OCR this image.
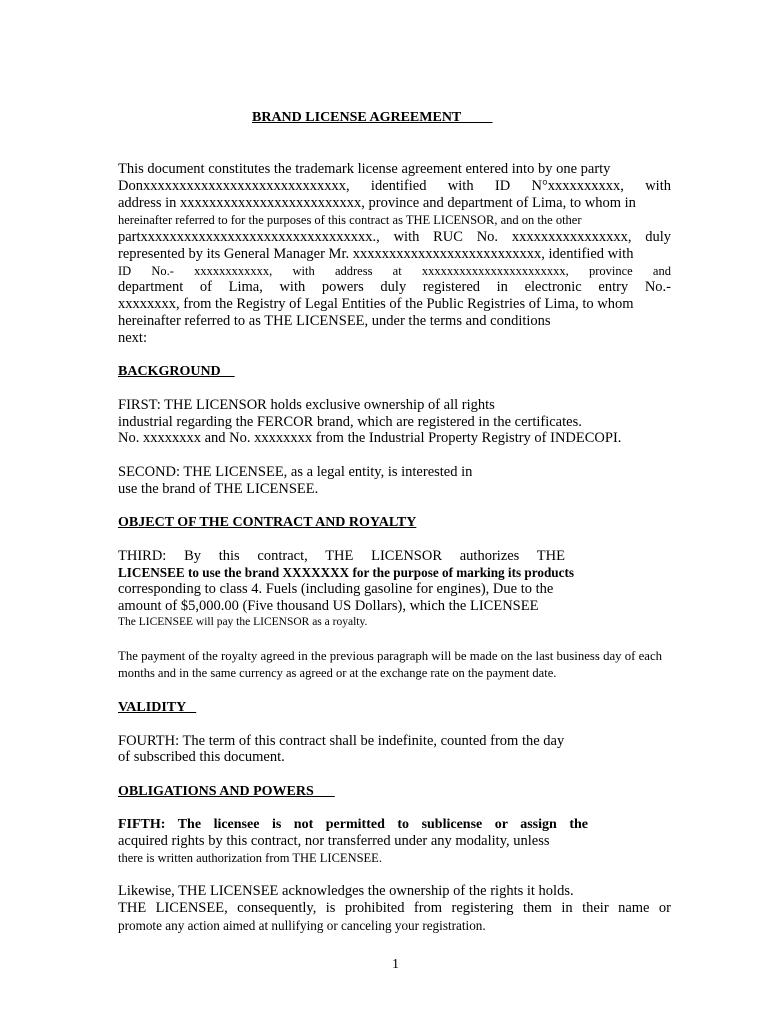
BRAND LICENSE AGREEMENT
This document constitutes the trademark license agreement entered into by one party
Donxxxxxxxxxxxxxxxxxxxxxxxxxxxx, identified with ID N°xxxxxxxxxx, with
address in xxxxxxxxxxxxxxxxxxxxxxxxx, province and department of Lima, to whom in
hereinafter referred to for the purposes of this contract as THE LICENSOR, and on the other
partxxxxxxxxxxxxxxxxxxxxxxxxxxxxxxxx., with RUC No. xxxxxxxxxxxxxxxx, duly
represented by its General Manager Mr. xxxxxxxxxxxxxxxxxxxxxxxxxx, identified with
ID No.- xxxxxxxxxxxx, with address at xxxxxxxxxxxxxxxxxxxxxxx, province and
department of Lima, with powers duly registered in electronic entry No.-
xxxxxxxx, from the Registry of Legal Entities of the Public Registries of Lima, to whom
hereinafter referred to as THE LICENSEE, under the terms and conditions
next:
BACKGROUND
FIRST: THE LICENSOR holds exclusive ownership of all rights
industrial regarding the FERCOR brand, which are registered in the certificates.
No. xxxxxxxx and No. xxxxxxxx from the Industrial Property Registry of INDECOPI.
SECOND: THE LICENSEE, as a legal entity, is interested in
use the brand of THE LICENSEE.
OBJECT OF THE CONTRACT AND ROYALTY
THIRD: By this contract, THE LICENSOR authorizes THE
LICENSEE to use the brand XXXXXXX for the purpose of marking its products
corresponding to class 4. Fuels (including gasoline for engines), Due to the
amount of $5,000.00 (Five thousand US Dollars), which the LICENSEE
The LICENSEE will pay the LICENSOR as a royalty.
The payment of the royalty agreed in the previous paragraph will be made on the last business day of each
months and in the same currency as agreed or at the exchange rate on the payment date.
VALIDITY
FOURTH: The term of this contract shall be indefinite, counted from the day
of subscribed this document.
OBLIGATIONS AND POWERS
FIFTH: The licensee is not permitted to sublicense or assign the
acquired rights by this contract, nor transferred under any modality, unless
there is written authorization from THE LICENSEE.
Likewise, THE LICENSEE acknowledges the ownership of the rights it holds.
THE LICENSEE, consequently, is prohibited from registering them in their name or
promote any action aimed at nullifying or canceling your registration.
1
